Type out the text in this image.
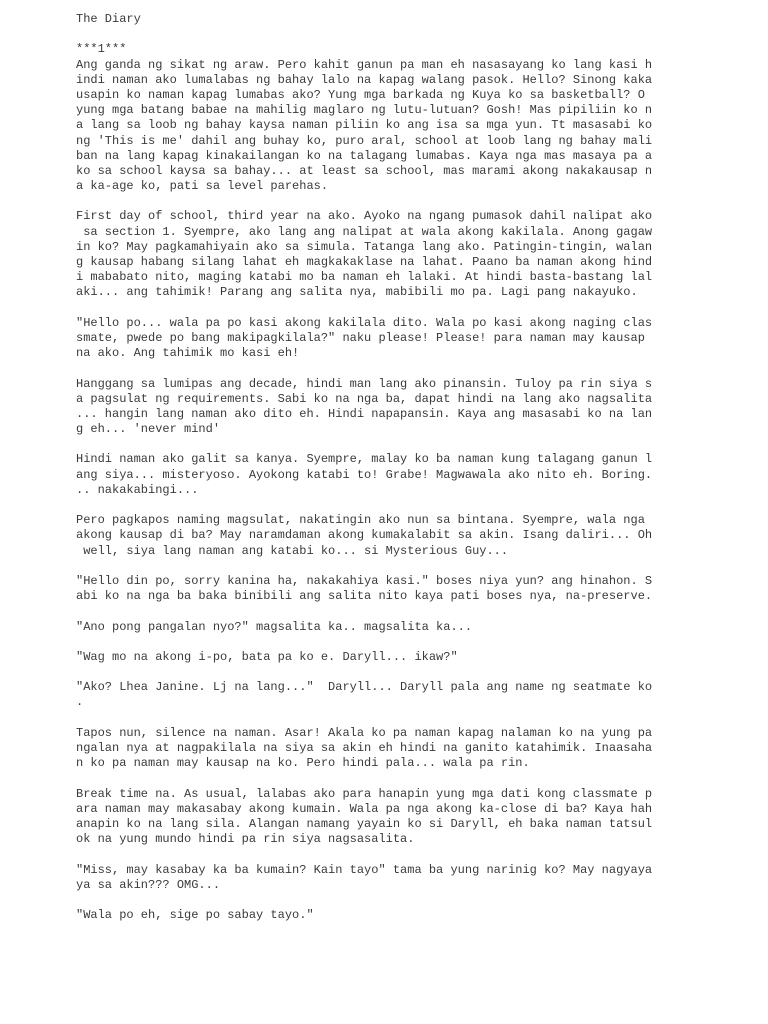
The Diary
***1***
Ang ganda ng sikat ng araw. Pero kahit ganun pa man eh nasasayang ko lang kasi h
indi naman ako lumalabas ng bahay lalo na kapag walang pasok. Hello? Sinong kaka
usapin ko naman kapag lumabas ako? Yung mga barkada ng Kuya ko sa basketball? O
yung mga batang babae na mahilig maglaro ng lutu-lutuan? Gosh! Mas pipiliin ko n
a lang sa loob ng bahay kaysa naman piliin ko ang isa sa mga yun. Tt masasabi ko
ng 'This is me' dahil ang buhay ko, puro aral, school at loob lang ng bahay mali
ban na lang kapag kinakailangan ko na talagang lumabas. Kaya nga mas masaya pa a
ko sa school kaysa sa bahay... at least sa school, mas marami akong nakakausap n
a ka-age ko, pati sa level parehas.
First day of school, third year na ako. Ayoko na ngang pumasok dahil nalipat ako
sa section 1. Syempre, ako lang ang nalipat at wala akong kakilala. Anong gagaw
in ko? May pagkamahiyain ako sa simula. Tatanga lang ako. Patingin-tingin, walan
g kausap habang silang lahat eh magkakaklase na lahat. Paano ba naman akong hind
i mababato nito, maging katabi mo ba naman eh lalaki. At hindi basta-bastang lal
aki... ang tahimik! Parang ang salita nya, mabibili mo pa. Lagi pang nakayuko.
"Hello po... wala pa po kasi akong kakilala dito. Wala po kasi akong naging clas
smate, pwede po bang makipagkilala?" naku please! Please! para naman may kausap
na ako. Ang tahimik mo kasi eh!
Hanggang sa lumipas ang decade, hindi man lang ako pinansin. Tuloy pa rin siya s
a pagsulat ng requirements. Sabi ko na nga ba, dapat hindi na lang ako nagsalita
... hangin lang naman ako dito eh. Hindi napapansin. Kaya ang masasabi ko na lan
g eh... 'never mind'
Hindi naman ako galit sa kanya. Syempre, malay ko ba naman kung talagang ganun l
ang siya... misteryoso. Ayokong katabi to! Grabe! Magwawala ako nito eh. Boring.
.. nakakabingi...
Pero pagkapos naming magsulat, nakatingin ako nun sa bintana. Syempre, wala nga
akong kausap di ba? May naramdaman akong kumakalabit sa akin. Isang daliri... Oh
well, siya lang naman ang katabi ko... si Mysterious Guy...
"Hello din po, sorry kanina ha, nakakahiya kasi." boses niya yun? ang hinahon. S
abi ko na nga ba baka binibili ang salita nito kaya pati boses nya, na-preserve.
"Ano pong pangalan nyo?" magsalita ka.. magsalita ka...
"Wag mo na akong i-po, bata pa ko e. Daryll... ikaw?"
"Ako? Lhea Janine. Lj na lang..."  Daryll... Daryll pala ang name ng seatmate ko
.
Tapos nun, silence na naman. Asar! Akala ko pa naman kapag nalaman ko na yung pa
ngalan nya at nagpakilala na siya sa akin eh hindi na ganito katahimik. Inaasaha
n ko pa naman may kausap na ko. Pero hindi pala... wala pa rin.
Break time na. As usual, lalabas ako para hanapin yung mga dati kong classmate p
ara naman may makasabay akong kumain. Wala pa nga akong ka-close di ba? Kaya hah
anapin ko na lang sila. Alangan namang yayain ko si Daryll, eh baka naman tatsul
ok na yung mundo hindi pa rin siya nagsasalita.
"Miss, may kasabay ka ba kumain? Kain tayo" tama ba yung narinig ko? May nagyaya
ya sa akin??? OMG...
"Wala po eh, sige po sabay tayo."
